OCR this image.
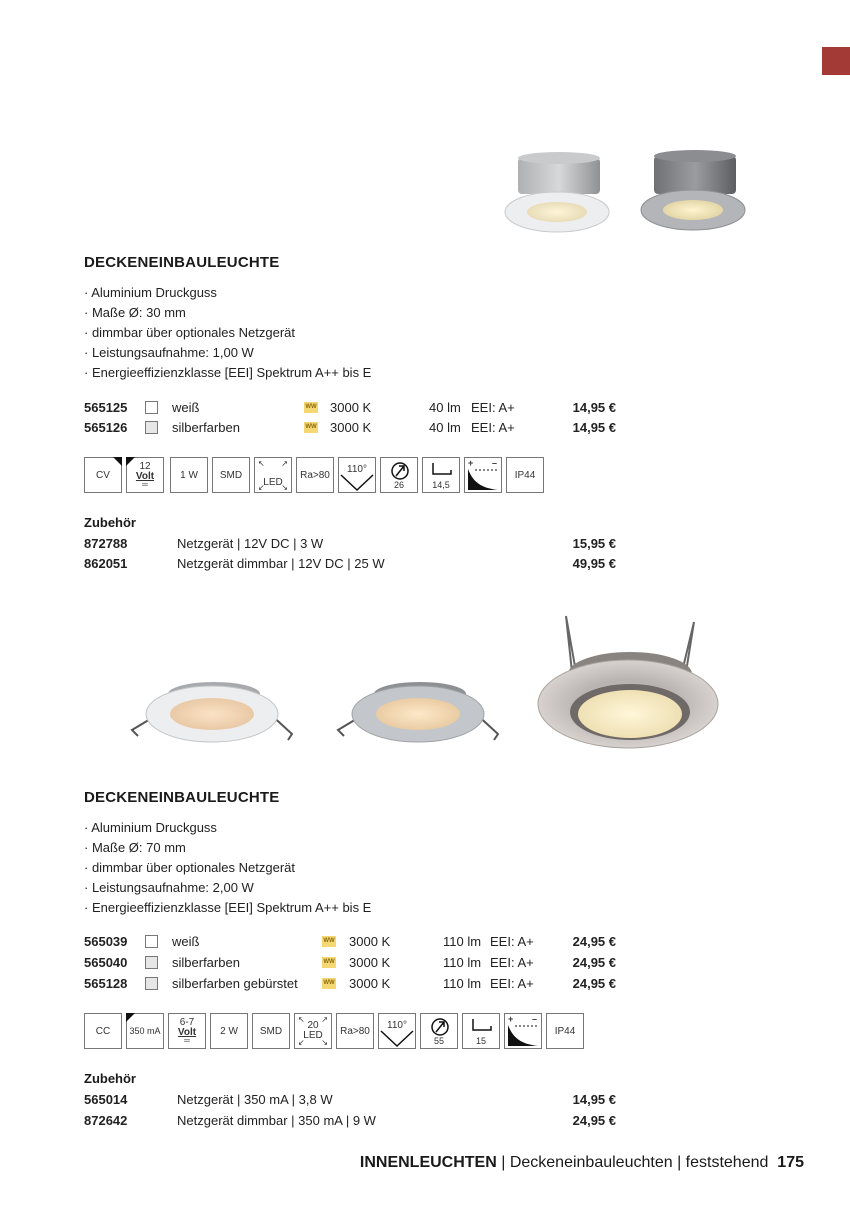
DECKENEINBAULEUCHTE
· Aluminium Druckguss
· Maße Ø: 30 mm
· dimmbar über optionales Netzgerät
· Leistungsaufnahme: 1,00 W
· Energieeffizienzklasse [EEI] Spektrum A++ bis E
565125	weiß	WW 3000 K	40 lm EEI: A+	14,95 €
565126	silberfarben	WW 3000 K	40 lm EEI: A+	14,95 €
CV
12
Volt
═
1 W	SMD
↖ ↗
↙ ↘
LED
Ra>80	110°
26	14,5
+ –
IP44
Zubehör
872788	Netzgerät | 12V DC | 3 W	15,95 €
862051	Netzgerät dimmbar | 12V DC | 25 W	49,95 €
DECKENEINBAULEUCHTE
· Aluminium Druckguss
· Maße Ø: 70 mm
· dimmbar über optionales Netzgerät
· Leistungsaufnahme: 2,00 W
· Energieeffizienzklasse [EEI] Spektrum A++ bis E
565039	weiß	WW 3000 K	110 lm EEI: A+	24,95 €
565040	silberfarben	WW 3000 K	110 lm EEI: A+	24,95 €
565128	silberfarben gebürstet	WW 3000 K	110 lm EEI: A+	24,95 €
CC	350 mA
6-7
Volt
═
2 W	SMD
↖ ↗
↙ ↘
20
LED	Ra>80	110°
55	15
+ –
IP44
Zubehör
565014	Netzgerät | 350 mA | 3,8 W	14,95 €
872642	Netzgerät dimmbar | 350 mA | 9 W	24,95 €
INNENLEUCHTEN | Deckeneinbauleuchten | feststehend 175
